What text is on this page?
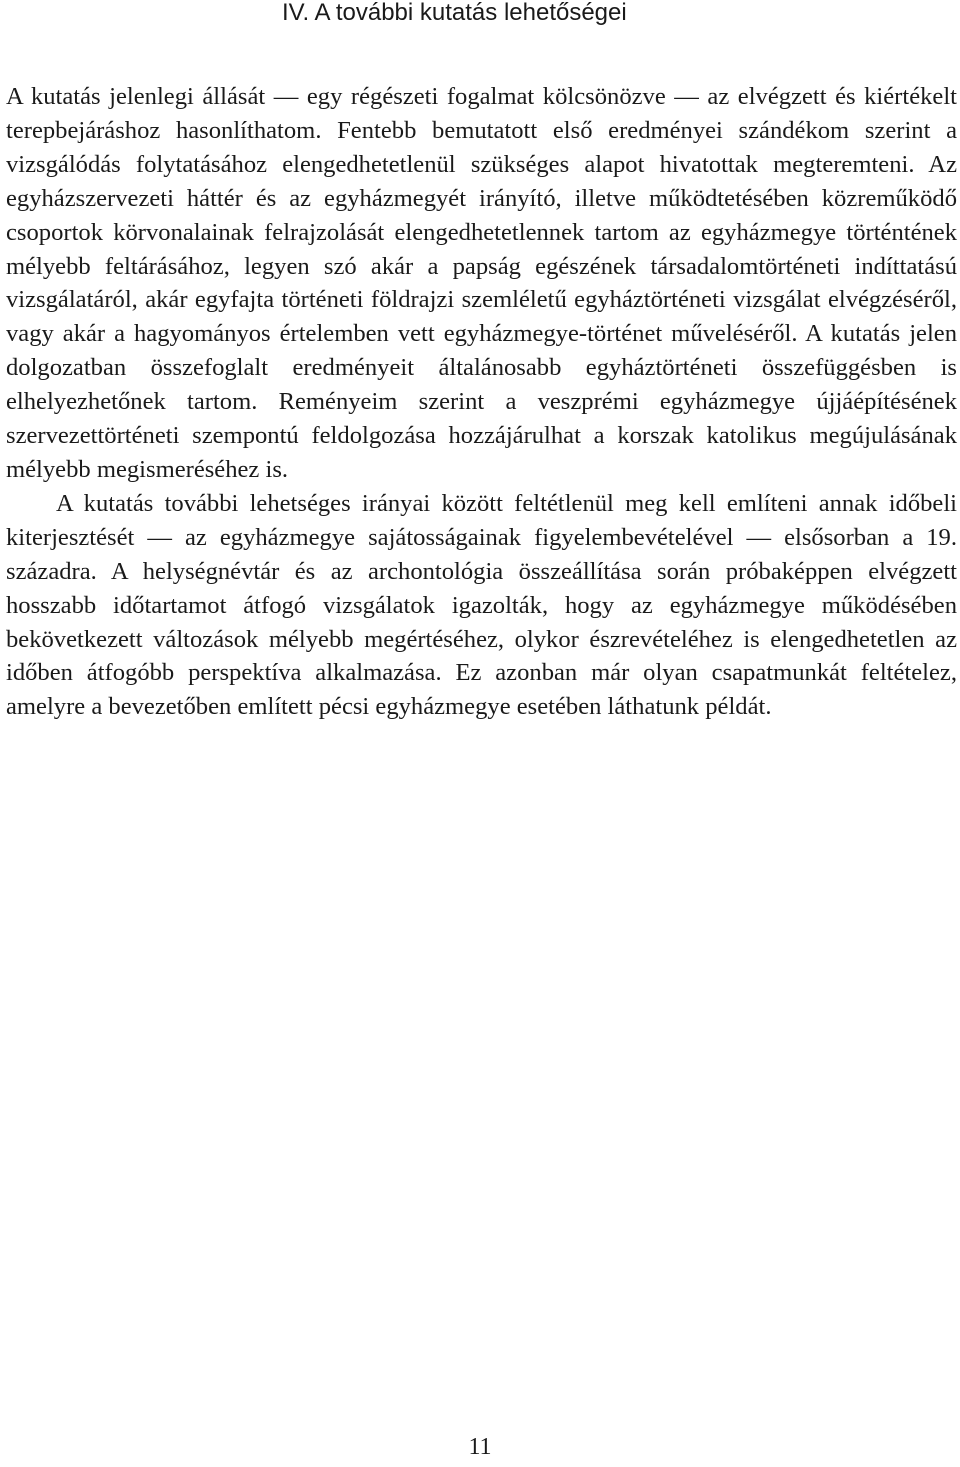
IV. A további kutatás lehetőségei

A kutatás jelenlegi állását — egy régészeti fogalmat kölcsönözve — az elvégzett és kiértékelt terepbejáráshoz hasonlíthatom. Fentebb bemutatott első eredményei szándékom szerint a vizsgálódás folytatásához elengedhetetlenül szükséges alapot hivatottak megteremteni. Az egyházszervezeti háttér és az egyházmegyét irányító, illetve működtetésében közreműködő csoportok körvonalainak felrajzolását elengedhetetlennek tartom az egyházmegye történtének mélyebb feltárásához, legyen szó akár a papság egészének társadalomtörténeti indíttatású vizsgálatáról, akár egyfajta történeti földrajzi szemléletű egyháztörténeti vizsgálat elvégzéséről, vagy akár a hagyományos értelemben vett egyházmegye-történet műveléséről. A kutatás jelen dolgozatban összefoglalt eredményeit általánosabb egyháztörténeti összefüggésben is elhelyezhetőnek tartom. Reményeim szerint a veszprémi egyházmegye újjáépítésének szervezettörténeti szempontú feldolgozása hozzájárulhat a korszak katolikus megújulásának mélyebb megismeréséhez is.

A kutatás további lehetséges irányai között feltétlenül meg kell említeni annak időbeli kiterjesztését — az egyházmegye sajátosságainak figyelembevételével — elsősorban a 19. századra. A helységnévtár és az archontológia összeállítása során próbaképpen elvégzett hosszabb időtartamot átfogó vizsgálatok igazolták, hogy az egyházmegye működésében bekövetkezett változások mélyebb megértéséhez, olykor észrevételéhez is elengedhetetlen az időben átfogóbb perspektíva alkalmazása. Ez azonban már olyan csapatmunkát feltételez, amelyre a bevezetőben említett pécsi egyházmegye esetében láthatunk példát.

11
